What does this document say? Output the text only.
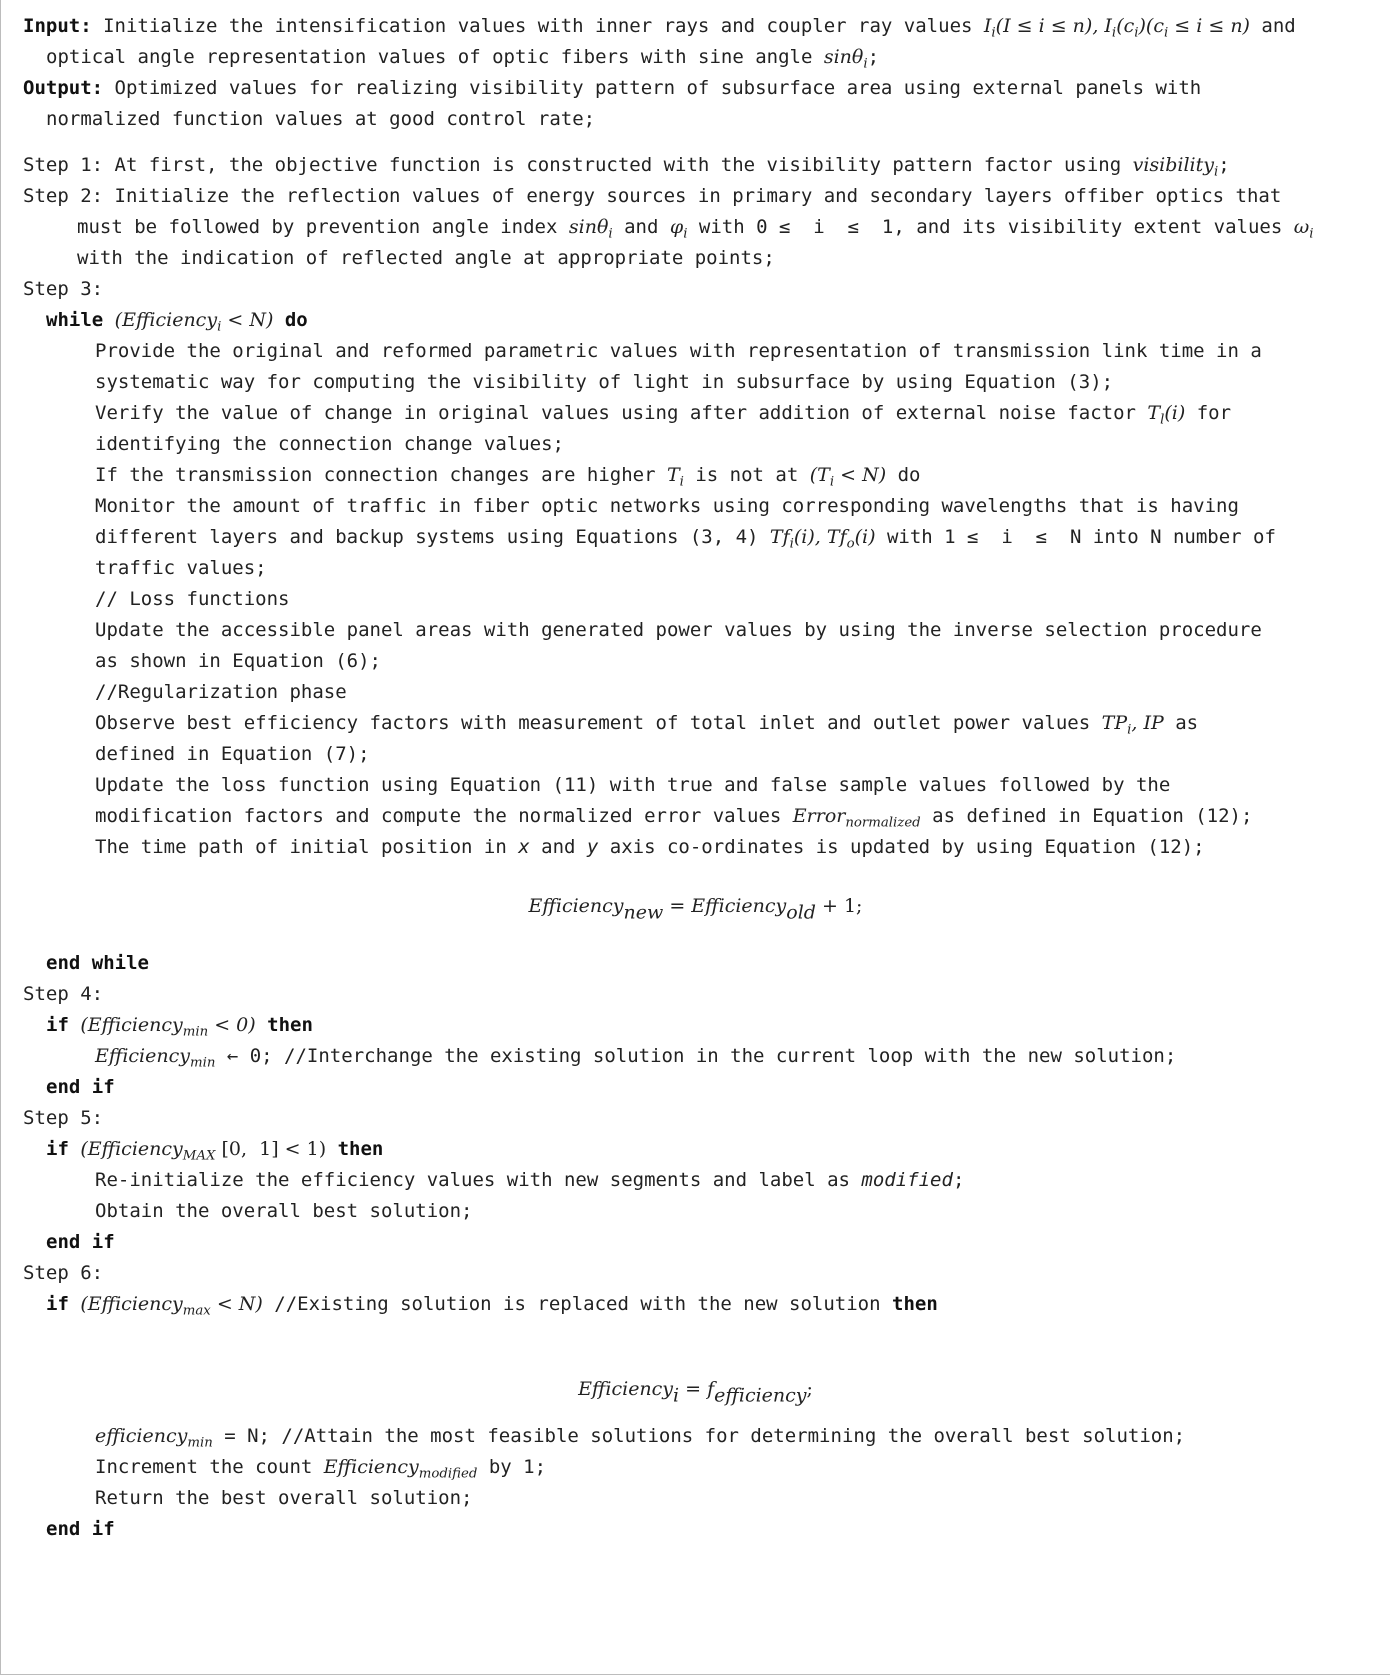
Input: Initialize the intensification values with inner rays and coupler ray values $I_i(I \le i \le n)$, $I_i(c_i)(c_i \le i \le n)$ and
optical angle representation values of optic fibers with sine angle sinθ$_i$;
Output: Optimized values for realizing visibility pattern of subsurface area using external panels with
normalized function values at good control rate;
Step 1: At first, the objective function is constructed with the visibility pattern factor using visibility$_i$;
Step 2: Initialize the reflection values of energy sources in primary and secondary layers offiber optics that
must be followed by prevention angle index sinθ$_i$ and $\varphi_i$ with 0 ≤  i  ≤  1, and its visibility extent values $\omega_i$
with the indication of reflected angle at appropriate points;
Step 3:
while (Efficiency$_i$ < N) do
Provide the original and reformed parametric values with representation of transmission link time in a
systematic way for computing the visibility of light in subsurface by using Equation (3);
Verify the value of change in original values using after addition of external noise factor $T_l(i)$ for
identifying the connection change values;
If the transmission connection changes are higher $T_i$ is not at $(T_i < N)$ do
Monitor the amount of traffic in fiber optic networks using corresponding wavelengths that is having
different layers and backup systems using Equations (3, 4) $Tf_i(i)$, $Tf_o(i)$ with 1 ≤  i  ≤  N into N number of
traffic values;
// Loss functions
Update the accessible panel areas with generated power values by using the inverse selection procedure
as shown in Equation (6);
//Regularization phase
Observe best efficiency factors with measurement of total inlet and outlet power values $TP_i$, IP as
defined in Equation (7);
Update the loss function using Equation (11) with true and false sample values followed by the
modification factors and compute the normalized error values Error$_{normalized}$ as defined in Equation (12);
The time path of initial position in x and y axis co-ordinates is updated by using Equation (12);
Efficiency$_{new}$ = Efficiency$_{old}$ + 1;
end while
Step 4:
if (Efficiency$_{min}$ < 0) then
Efficiency$_{min}$ ← 0; //Interchange the existing solution in the current loop with the new solution;
end if
Step 5:
if (Efficiency$_{MAX}$ [0,  1] < 1) then
Re-initialize the efficiency values with new segments and label as modified;
Obtain the overall best solution;
end if
Step 6:
if (Efficiency$_{max}$ < N) //Existing solution is replaced with the new solution then
Efficiency$_i$ = $f_{efficiency}$;
efficiency$_{min}$ = N; //Attain the most feasible solutions for determining the overall best solution;
Increment the count Efficiency$_{modified}$ by 1;
Return the best overall solution;
end if
